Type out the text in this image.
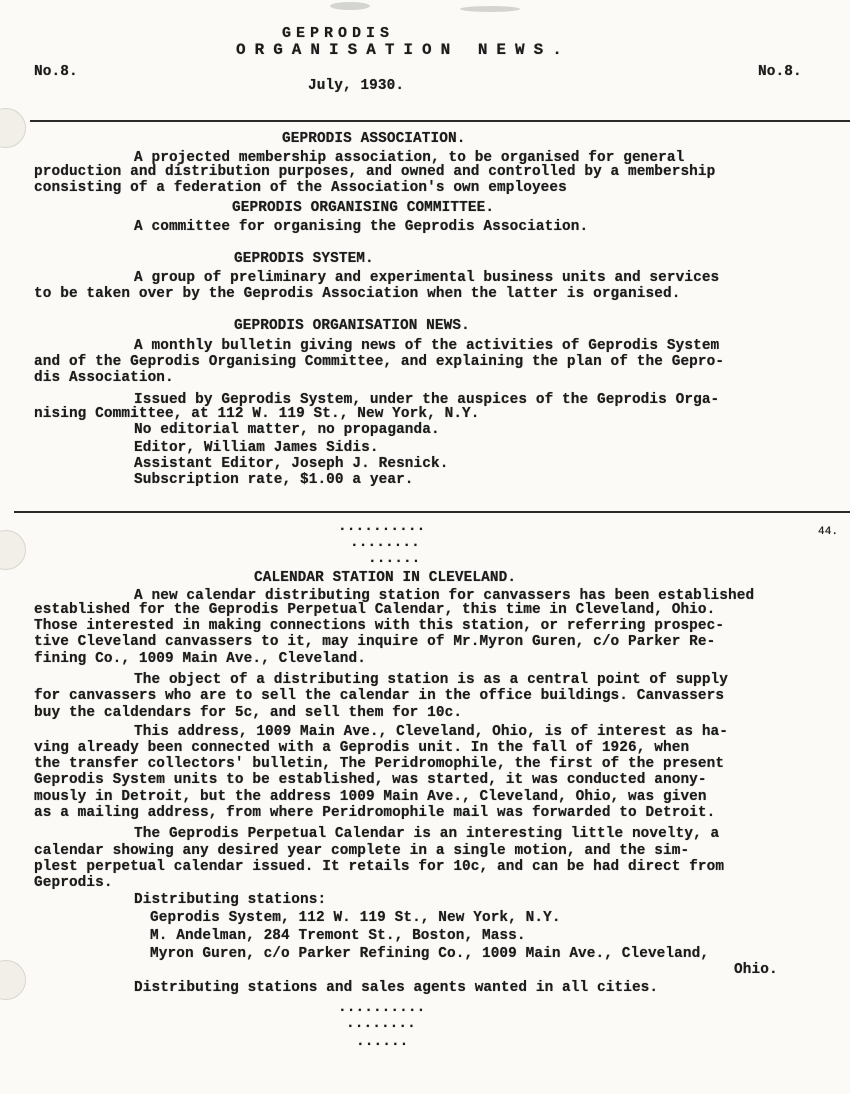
GEPRODIS
ORGANISATION NEWS.
No.8.	No.8.
July, 1930.
GEPRODIS ASSOCIATION.
A projected membership association, to be organised for general
production and distribution purposes, and owned and controlled by a membership
consisting of a federation of the Association's own employees
GEPRODIS ORGANISING COMMITTEE.
A committee for organising the Geprodis Association.
GEPRODIS SYSTEM.
A group of preliminary and experimental business units and services
to be taken over by the Geprodis Association when the latter is organised.
GEPRODIS ORGANISATION NEWS.
A monthly bulletin giving news of the activities of Geprodis System
and of the Geprodis Organising Committee, and explaining the plan of the Gepro-
dis Association.
Issued by Geprodis System, under the auspices of the Geprodis Orga-
nising Committee, at 112 W. 119 St., New York, N.Y.
No editorial matter, no propaganda.
Editor, William James Sidis.
Assistant Editor, Joseph J. Resnick.
Subscription rate, $1.00 a year.
44.
..........
........
......
CALENDAR STATION IN CLEVELAND.
A new calendar distributing station for canvassers has been established
established for the Geprodis Perpetual Calendar, this time in Cleveland, Ohio.
Those interested in making connections with this station, or referring prospec-
tive Cleveland canvassers to it, may inquire of Mr.Myron Guren, c/o Parker Re-
fining Co., 1009 Main Ave., Cleveland.
The object of a distributing station is as a central point of supply
for canvassers who are to sell the calendar in the office buildings. Canvassers
buy the caldendars for 5c, and sell them for 10c.
This address, 1009 Main Ave., Cleveland, Ohio, is of interest as ha-
ving already been connected with a Geprodis unit. In the fall of 1926, when
the transfer collectors' bulletin, The Peridromophile, the first of the present
Geprodis System units to be established, was started, it was conducted anony-
mously in Detroit, but the address 1009 Main Ave., Cleveland, Ohio, was given
as a mailing address, from where Peridromophile mail was forwarded to Detroit.
The Geprodis Perpetual Calendar is an interesting little novelty, a
calendar showing any desired year complete in a single motion, and the sim-
plest perpetual calendar issued. It retails for 10c, and can be had direct from
Geprodis.
Distributing stations:
Geprodis System, 112 W. 119 St., New York, N.Y.
M. Andelman, 284 Tremont St., Boston, Mass.
Myron Guren, c/o Parker Refining Co., 1009 Main Ave., Cleveland,
Ohio.
Distributing stations and sales agents wanted in all cities.
..........
........
......
